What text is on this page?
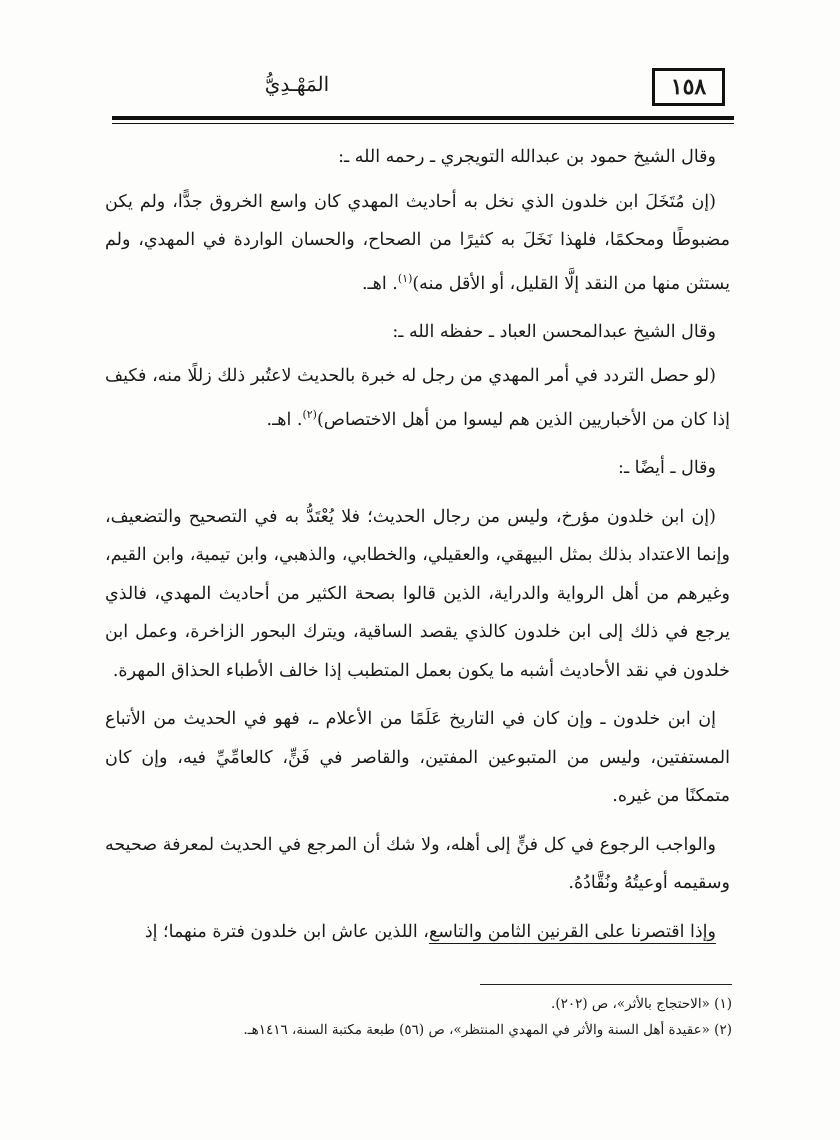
١٥٨
المَهْـدِيُّ

وقال الشيخ حمود بن عبدالله التويجري ـ رحمه الله ـ:

(إن مُتَخَلَ ابن خلدون الذي نخل به أحاديث المهدي كان واسع الخروق جدًّا، ولم يكن مضبوطًا ومحكمًا، فلهذا نَخَلَ به كثيرًا من الصحاح، والحسان الواردة في المهدي، ولم يستثن منها من النقد إلَّا القليل، أو الأقل منه)$^{(١)}$. اهـ.

وقال الشيخ عبدالمحسن العباد ـ حفظه الله ـ:

(لو حصل التردد في أمر المهدي من رجل له خبرة بالحديث لاعتُبر ذلك زللًا منه، فكيف إذا كان من الأخباريين الذين هم ليسوا من أهل الاختصاص)$^{(٢)}$. اهـ.

وقال ـ أيضًا ـ:

(إن ابن خلدون مؤرخ، وليس من رجال الحديث؛ فلا يُعْتَدُّ به في التصحيح والتضعيف، وإنما الاعتداد بذلك بمثل البيهقي، والعقيلي، والخطابي، والذهبي، وابن تيمية، وابن القيم، وغيرهم من أهل الرواية والدراية، الذين قالوا بصحة الكثير من أحاديث المهدي، فالذي يرجع في ذلك إلى ابن خلدون كالذي يقصد الساقية، ويترك البحور الزاخرة، وعمل ابن خلدون في نقد الأحاديث أشبه ما يكون بعمل المتطبب إذا خالف الأطباء الحذاق المهرة.

إن ابن خلدون ـ وإن كان في التاريخ عَلَمًا من الأعلام ـ، فهو في الحديث من الأتباع المستفتين، وليس من المتبوعين المفتين، والقاصر في فَنٍّ، كالعامِّيِّ فيه، وإن كان متمكنًا من غيره.

والواجب الرجوع في كل فنٍّ إلى أهله، ولا شك أن المرجع في الحديث لمعرفة صحيحه وسقيمه أوعيتُهُ ونُقَّادُهُ.

وإذا اقتصرنا على القرنين الثامن والتاسع، اللذين عاش ابن خلدون فترة منهما؛ إذ

(١) «الاحتجاج بالأثر»، ص (٢٠٢).
(٢) «عقيدة أهل السنة والأثر في المهدي المنتظر»، ص (٥٦) طبعة مكتبة السنة، ١٤١٦هـ.
